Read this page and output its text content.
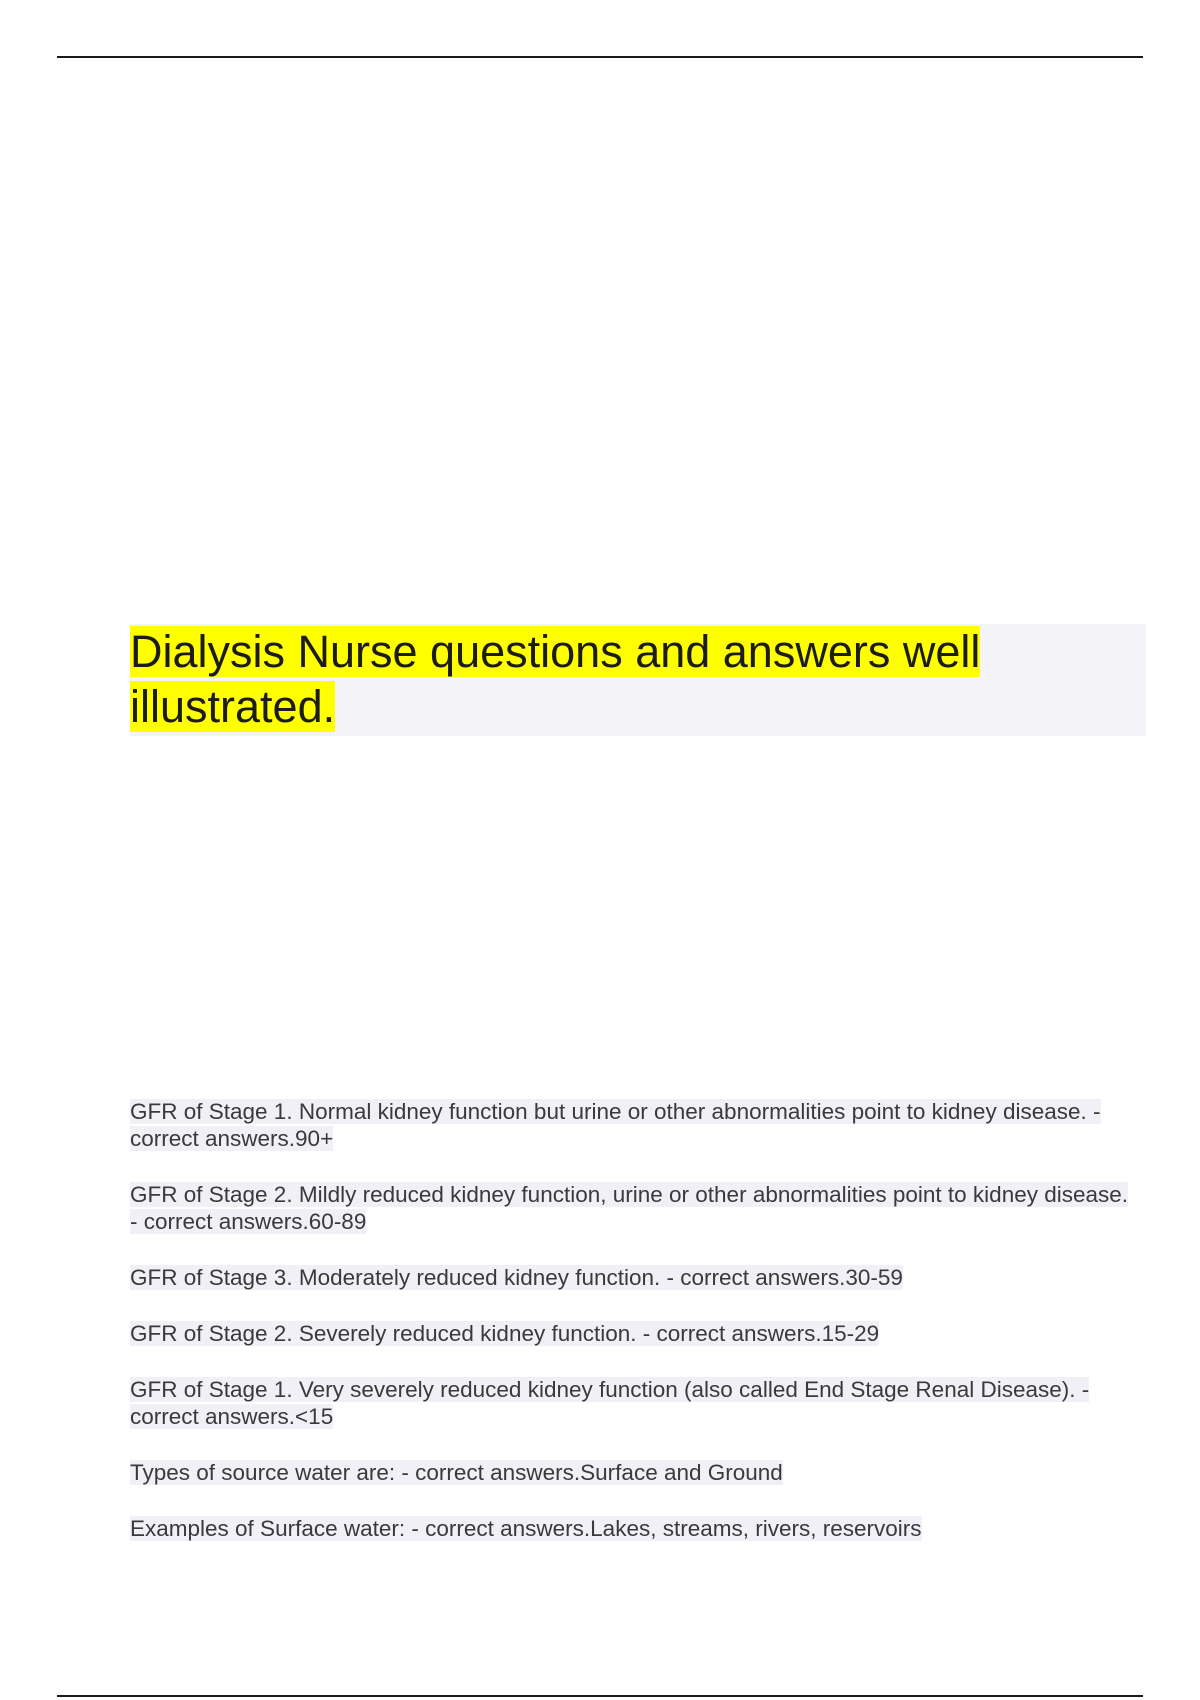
Dialysis Nurse questions and answers well illustrated.
GFR of Stage 1. Normal kidney function but urine or other abnormalities point to kidney disease. - correct answers.90+
GFR of Stage 2. Mildly reduced kidney function, urine or other abnormalities point to kidney disease. - correct answers.60-89
GFR of Stage 3. Moderately reduced kidney function. - correct answers.30-59
GFR of Stage 2. Severely reduced kidney function. - correct answers.15-29
GFR of Stage 1. Very severely reduced kidney function (also called End Stage Renal Disease). - correct answers.<15
Types of source water are: - correct answers.Surface and Ground
Examples of Surface water: - correct answers.Lakes, streams, rivers, reservoirs
